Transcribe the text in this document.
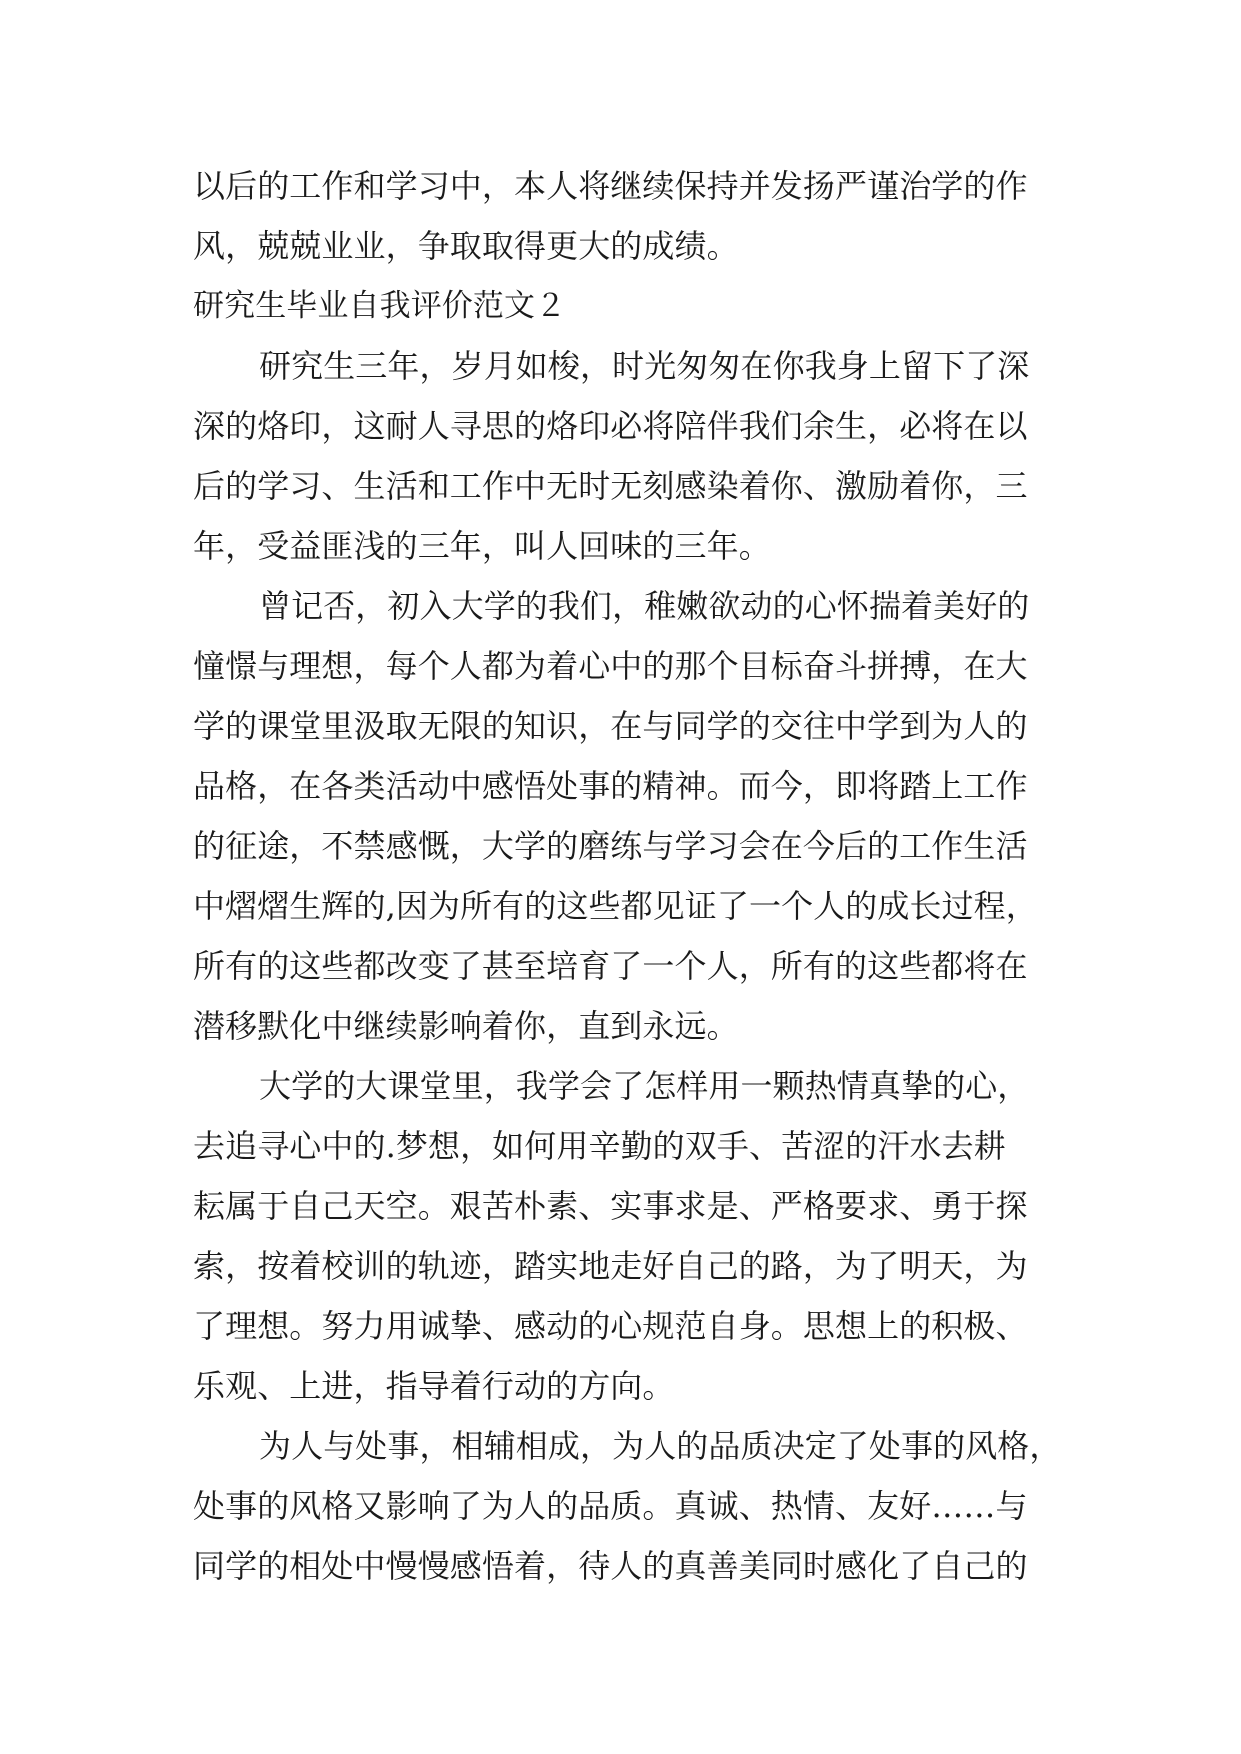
以后的工作和学习中，本人将继续保持并发扬严谨治学的作
风，兢兢业业，争取取得更大的成绩。
研究生毕业自我评价范文２
研究生三年，岁月如梭，时光匆匆在你我身上留下了深
深的烙印，这耐人寻思的烙印必将陪伴我们余生，必将在以
后的学习、生活和工作中无时无刻感染着你、激励着你，三
年，受益匪浅的三年，叫人回味的三年。
曾记否，初入大学的我们，稚嫩欲动的心怀揣着美好的
憧憬与理想，每个人都为着心中的那个目标奋斗拼搏，在大
学的课堂里汲取无限的知识，在与同学的交往中学到为人的
品格，在各类活动中感悟处事的精神。而今，即将踏上工作
的征途，不禁感慨，大学的磨练与学习会在今后的工作生活
中熠熠生辉的,因为所有的这些都见证了一个人的成长过程，
所有的这些都改变了甚至培育了一个人，所有的这些都将在
潜移默化中继续影响着你，直到永远。
大学的大课堂里，我学会了怎样用一颗热情真挚的心，
去追寻心中的.梦想，如何用辛勤的双手、苦涩的汗水去耕
耘属于自己天空。艰苦朴素、实事求是、严格要求、勇于探
索，按着校训的轨迹，踏实地走好自己的路，为了明天，为
了理想。努力用诚挚、感动的心规范自身。思想上的积极、
乐观、上进，指导着行动的方向。
为人与处事，相辅相成，为人的品质决定了处事的风格，
处事的风格又影响了为人的品质。真诚、热情、友好……与
同学的相处中慢慢感悟着，待人的真善美同时感化了自己的
